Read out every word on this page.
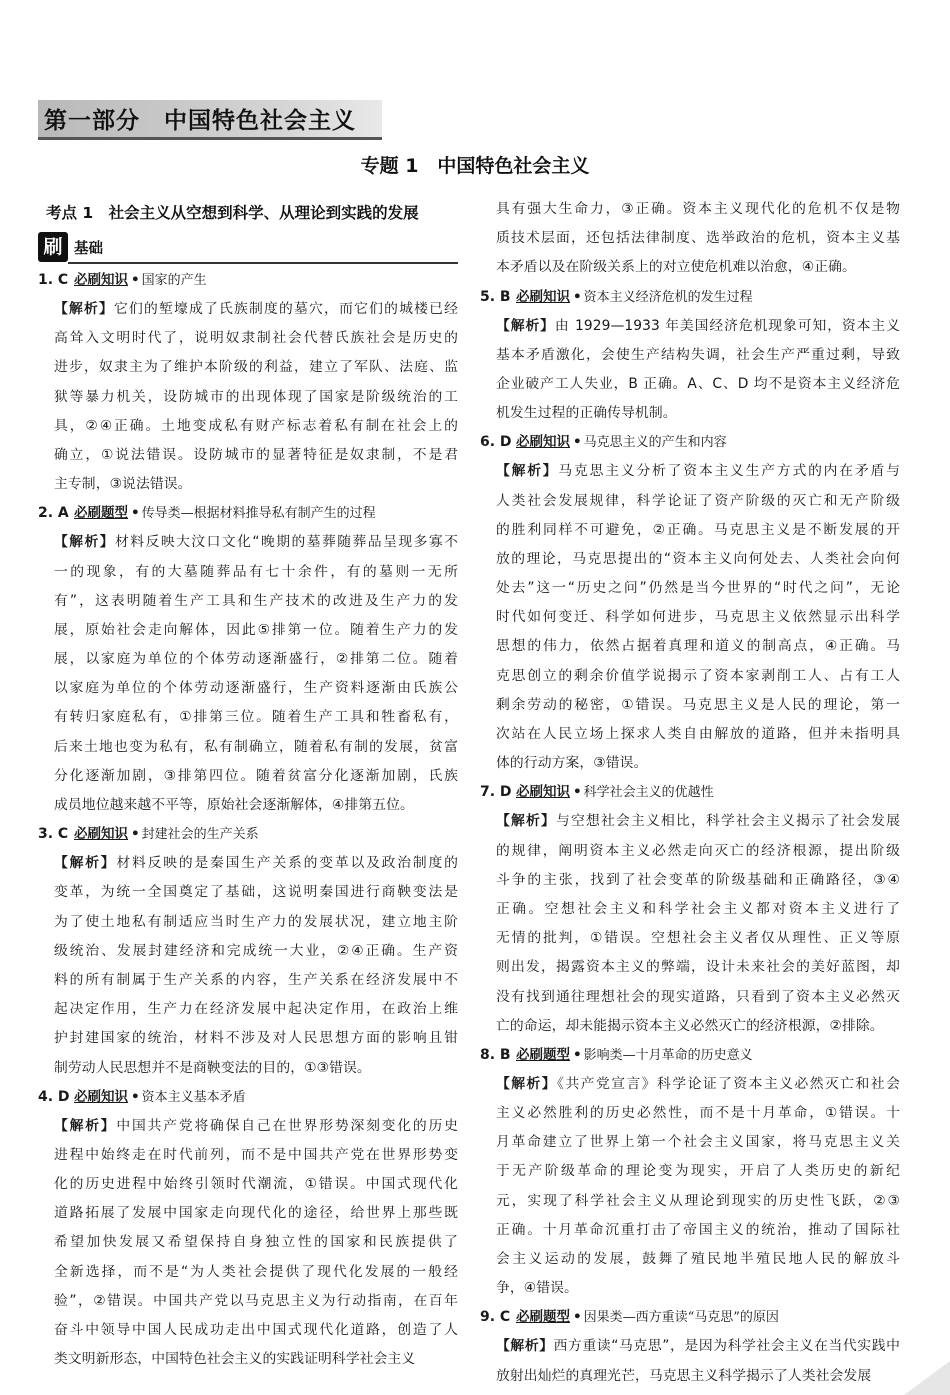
第一部分　中国特色社会主义
专题 1　中国特色社会主义
考点 1　社会主义从空想到科学、从理论到实践的发展
刷 基础
1. C 必刷知识 • 国家的产生
【解析】它们的堑壕成了氏族制度的墓穴，而它们的城楼已经
高耸入文明时代了，说明奴隶制社会代替氏族社会是历史的
进步，奴隶主为了维护本阶级的利益，建立了军队、法庭、监
狱等暴力机关，设防城市的出现体现了国家是阶级统治的工
具，②④正确。土地变成私有财产标志着私有制在社会上的
确立，①说法错误。设防城市的显著特征是奴隶制，不是君
主专制，③说法错误。
2. A 必刷题型 • 传导类—根据材料推导私有制产生的过程
【解析】材料反映大汶口文化“晚期的墓葬随葬品呈现多寡不
一的现象，有的大墓随葬品有七十余件，有的墓则一无所
有”，这表明随着生产工具和生产技术的改进及生产力的发
展，原始社会走向解体，因此⑤排第一位。随着生产力的发
展，以家庭为单位的个体劳动逐渐盛行，②排第二位。随着
以家庭为单位的个体劳动逐渐盛行，生产资料逐渐由氏族公
有转归家庭私有，①排第三位。随着生产工具和牲畜私有，
后来土地也变为私有，私有制确立，随着私有制的发展，贫富
分化逐渐加剧，③排第四位。随着贫富分化逐渐加剧，氏族
成员地位越来越不平等，原始社会逐渐解体，④排第五位。
3. C 必刷知识 • 封建社会的生产关系
【解析】材料反映的是秦国生产关系的变革以及政治制度的
变革，为统一全国奠定了基础，这说明秦国进行商鞅变法是
为了使土地私有制适应当时生产力的发展状况，建立地主阶
级统治、发展封建经济和完成统一大业，②④正确。生产资
料的所有制属于生产关系的内容，生产关系在经济发展中不
起决定作用，生产力在经济发展中起决定作用，在政治上维
护封建国家的统治，材料不涉及对人民思想方面的影响且钳
制劳动人民思想并不是商鞅变法的目的，①③错误。
4. D 必刷知识 • 资本主义基本矛盾
【解析】中国共产党将确保自己在世界形势深刻变化的历史
进程中始终走在时代前列，而不是中国共产党在世界形势变
化的历史进程中始终引领时代潮流，①错误。中国式现代化
道路拓展了发展中国家走向现代化的途径，给世界上那些既
希望加快发展又希望保持自身独立性的国家和民族提供了
全新选择，而不是“为人类社会提供了现代化发展的一般经
验”，②错误。中国共产党以马克思主义为行动指南，在百年
奋斗中领导中国人民成功走出中国式现代化道路，创造了人
类文明新形态，中国特色社会主义的实践证明科学社会主义
具有强大生命力，③正确。资本主义现代化的危机不仅是物
质技术层面，还包括法律制度、选举政治的危机，资本主义基
本矛盾以及在阶级关系上的对立使危机难以治愈，④正确。
5. B 必刷知识 • 资本主义经济危机的发生过程
【解析】由 1929—1933 年美国经济危机现象可知，资本主义
基本矛盾激化，会使生产结构失调，社会生产严重过剩，导致
企业破产工人失业，B 正确。A、C、D 均不是资本主义经济危
机发生过程的正确传导机制。
6. D 必刷知识 • 马克思主义的产生和内容
【解析】马克思主义分析了资本主义生产方式的内在矛盾与
人类社会发展规律，科学论证了资产阶级的灭亡和无产阶级
的胜利同样不可避免，②正确。马克思主义是不断发展的开
放的理论，马克思提出的“资本主义向何处去、人类社会向何
处去”这一“历史之问”仍然是当今世界的“时代之问”，无论
时代如何变迁、科学如何进步，马克思主义依然显示出科学
思想的伟力，依然占据着真理和道义的制高点，④正确。马
克思创立的剩余价值学说揭示了资本家剥削工人、占有工人
剩余劳动的秘密，①错误。马克思主义是人民的理论，第一
次站在人民立场上探求人类自由解放的道路，但并未指明具
体的行动方案，③错误。
7. D 必刷知识 • 科学社会主义的优越性
【解析】与空想社会主义相比，科学社会主义揭示了社会发展
的规律，阐明资本主义必然走向灭亡的经济根源，提出阶级
斗争的主张，找到了社会变革的阶级基础和正确路径，③④
正确。空想社会主义和科学社会主义都对资本主义进行了
无情的批判，①错误。空想社会主义者仅从理性、正义等原
则出发，揭露资本主义的弊端，设计未来社会的美好蓝图，却
没有找到通往理想社会的现实道路，只看到了资本主义必然灭
亡的命运，却未能揭示资本主义必然灭亡的经济根源，②排除。
8. B 必刷题型 • 影响类—十月革命的历史意义
【解析】《共产党宣言》科学论证了资本主义必然灭亡和社会
主义必然胜利的历史必然性，而不是十月革命，①错误。十
月革命建立了世界上第一个社会主义国家，将马克思主义关
于无产阶级革命的理论变为现实，开启了人类历史的新纪
元，实现了科学社会主义从理论到现实的历史性飞跃，②③
正确。十月革命沉重打击了帝国主义的统治，推动了国际社
会主义运动的发展，鼓舞了殖民地半殖民地人民的解放斗
争，④错误。
9. C 必刷题型 • 因果类—西方重读“马克思”的原因
【解析】西方重读“马克思”，是因为科学社会主义在当代实践中
放射出灿烂的真理光芒，马克思主义科学揭示了人类社会发展
